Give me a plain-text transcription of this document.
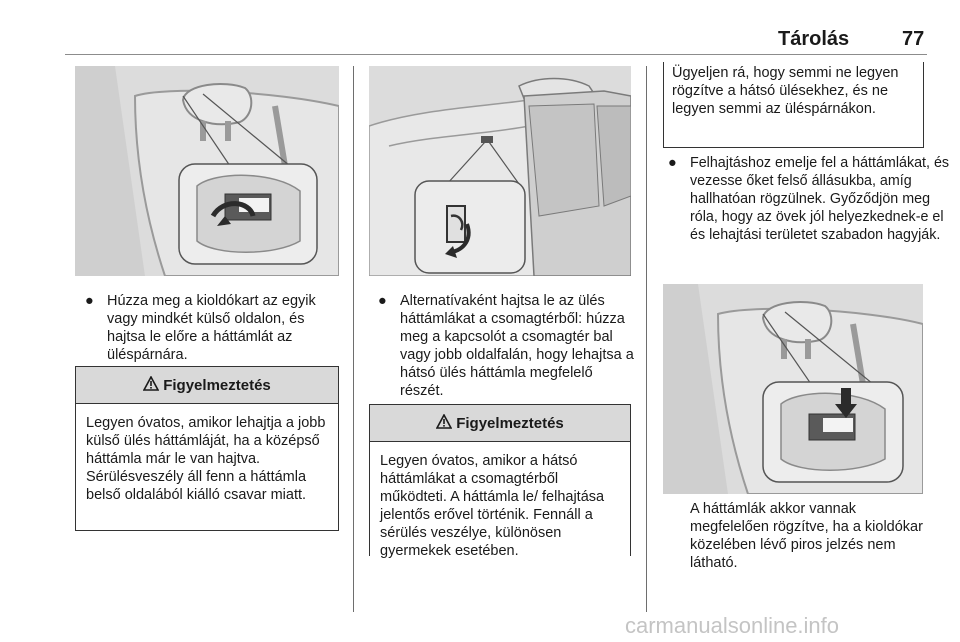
Tárolás	77
● Húzza meg a kioldókart az egyik vagy mindkét külső oldalon, és hajtsa le előre a háttámlát az üléspárnára.
Figyelmeztetés
Legyen óvatos, amikor lehajtja a jobb külső ülés háttámláját, ha a középső háttámla már le van hajtva. Sérülésveszély áll fenn a háttámla belső oldalából kiálló csavar miatt.
● Alternatívaként hajtsa le az ülés háttámlákat a csomagtérből: húzza meg a kapcsolót a csomagtér bal vagy jobb oldalfalán, hogy lehajtsa a hátsó ülés háttámla megfelelő részét.
Figyelmeztetés
Legyen óvatos, amikor a hátsó háttámlákat a csomagtérből működteti. A háttámla le/ felhajtása jelentős erővel történik. Fennáll a sérülés veszélye, különösen gyermekek esetében.
Ügyeljen rá, hogy semmi ne legyen rögzítve a hátsó ülésekhez, és ne legyen semmi az üléspárnákon.
● Felhajtáshoz emelje fel a háttámlákat, és vezesse őket felső állásukba, amíg hallhatóan rögzülnek. Győződjön meg róla, hogy az övek jól helyezkednek-e el és lehajtási területet szabadon hagyják.
A háttámlák akkor vannak megfelelően rögzítve, ha a kioldókar közelében lévő piros jelzés nem látható.
carmanualsonline.info
